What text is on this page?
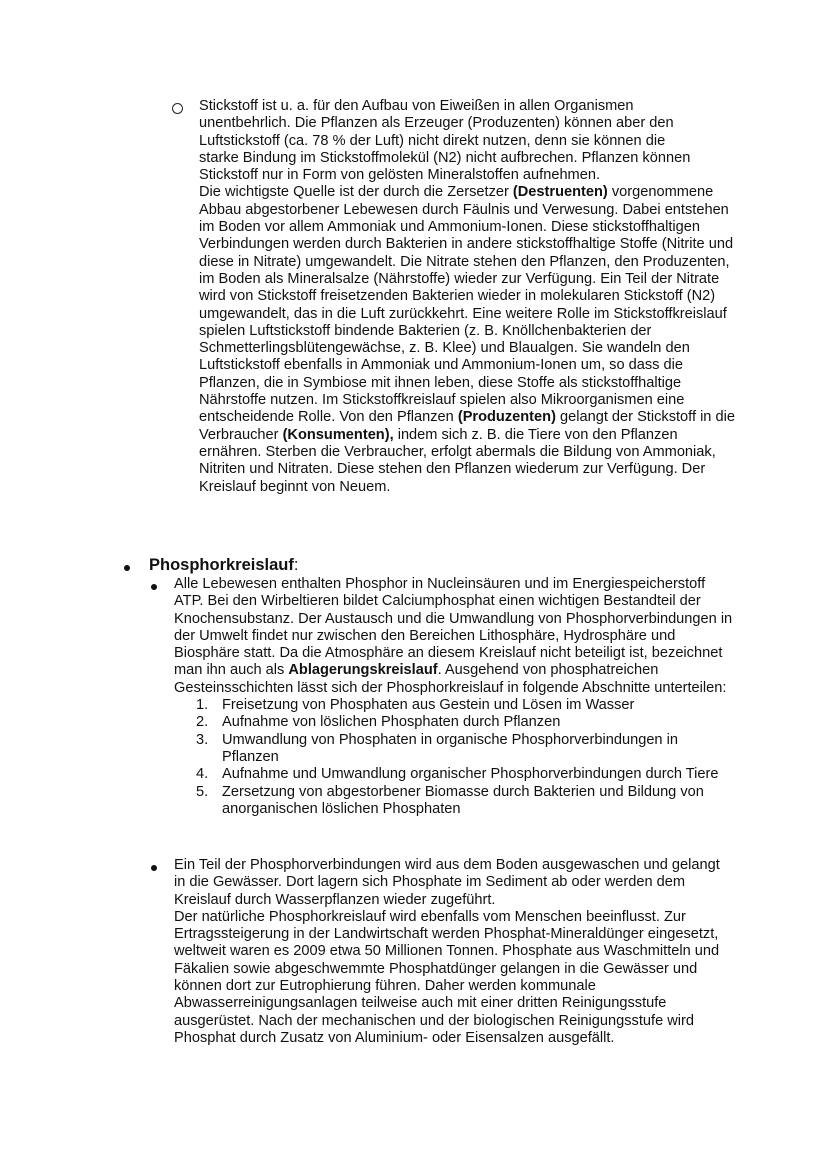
Stickstoff ist u. a. für den Aufbau von Eiweißen in allen Organismen
unentbehrlich. Die Pflanzen als Erzeuger (Produzenten) können aber den
Luftstickstoff (ca. 78 % der Luft) nicht direkt nutzen, denn sie können die
starke Bindung im Stickstoffmolekül (N2) nicht aufbrechen. Pflanzen können
Stickstoff nur in Form von gelösten Mineralstoffen aufnehmen.

Die wichtigste Quelle ist der durch die Zersetzer (Destruenten) vorgenommene Abbau abgestorbener Lebewesen durch Fäulnis und Verwesung. Dabei entstehen im Boden vor allem Ammoniak und Ammonium-Ionen. Diese stickstoffhaltigen Verbindungen werden durch Bakterien in andere stickstoffhaltige Stoffe (Nitrite und diese in Nitrate) umgewandelt. Die Nitrate stehen den Pflanzen, den Produzenten, im Boden als Mineralsalze (Nährstoffe) wieder zur Verfügung. Ein Teil der Nitrate wird von Stickstoff freisetzenden Bakterien wieder in molekularen Stickstoff (N2) umgewandelt, das in die Luft zurückkehrt. Eine weitere Rolle im Stickstoffkreislauf spielen Luftstickstoff bindende Bakterien (z. B. Knöllchenbakterien der Schmetterlingsblütengewächse, z. B. Klee) und Blaualgen. Sie wandeln den Luftstickstoff ebenfalls in Ammoniak und Ammonium-Ionen um, so dass die Pflanzen, die in Symbiose mit ihnen leben, diese Stoffe als stickstoffhaltige Nährstoffe nutzen. Im Stickstoffkreislauf spielen also Mikroorganismen eine entscheidende Rolle. Von den Pflanzen (Produzenten) gelangt der Stickstoff in die Verbraucher (Konsumenten), indem sich z. B. die Tiere von den Pflanzen ernähren. Sterben die Verbraucher, erfolgt abermals die Bildung von Ammoniak, Nitriten und Nitraten. Diese stehen den Pflanzen wiederum zur Verfügung. Der Kreislauf beginnt von Neuem.

Phosphorkreislauf:
Alle Lebewesen enthalten Phosphor in Nucleinsäuren und im Energiespeicherstoff ATP. Bei den Wirbeltieren bildet Calciumphosphat einen wichtigen Bestandteil der Knochensubstanz. Der Austausch und die Umwandlung von Phosphorverbindungen in der Umwelt findet nur zwischen den Bereichen Lithosphäre, Hydrosphäre und Biosphäre statt. Da die Atmosphäre an diesem Kreislauf nicht beteiligt ist, bezeichnet man ihn auch als Ablagerungskreislauf. Ausgehend von phosphatreichen Gesteinsschichten lässt sich der Phosphorkreislauf in folgende Abschnitte unterteilen:
1. Freisetzung von Phosphaten aus Gestein und Lösen im Wasser
2. Aufnahme von löslichen Phosphaten durch Pflanzen
3. Umwandlung von Phosphaten in organische Phosphorverbindungen in Pflanzen
4. Aufnahme und Umwandlung organischer Phosphorverbindungen durch Tiere
5. Zersetzung von abgestorbener Biomasse durch Bakterien und Bildung von anorganischen löslichen Phosphaten
Ein Teil der Phosphorverbindungen wird aus dem Boden ausgewaschen und gelangt in die Gewässer. Dort lagern sich Phosphate im Sediment ab oder werden dem Kreislauf durch Wasserpflanzen wieder zugeführt.
Der natürliche Phosphorkreislauf wird ebenfalls vom Menschen beeinflusst. Zur Ertragssteigerung in der Landwirtschaft werden Phosphat-Mineraldünger eingesetzt, weltweit waren es 2009 etwa 50 Millionen Tonnen. Phosphate aus Waschmitteln und Fäkalien sowie abgeschwemmte Phosphatdünger gelangen in die Gewässer und können dort zur Eutrophierung führen. Daher werden kommunale Abwasserreinigungsanlagen teilweise auch mit einer dritten Reinigungsstufe ausgerüstet. Nach der mechanischen und der biologischen Reinigungsstufe wird Phosphat durch Zusatz von Aluminium- oder Eisensalzen ausgefällt.
